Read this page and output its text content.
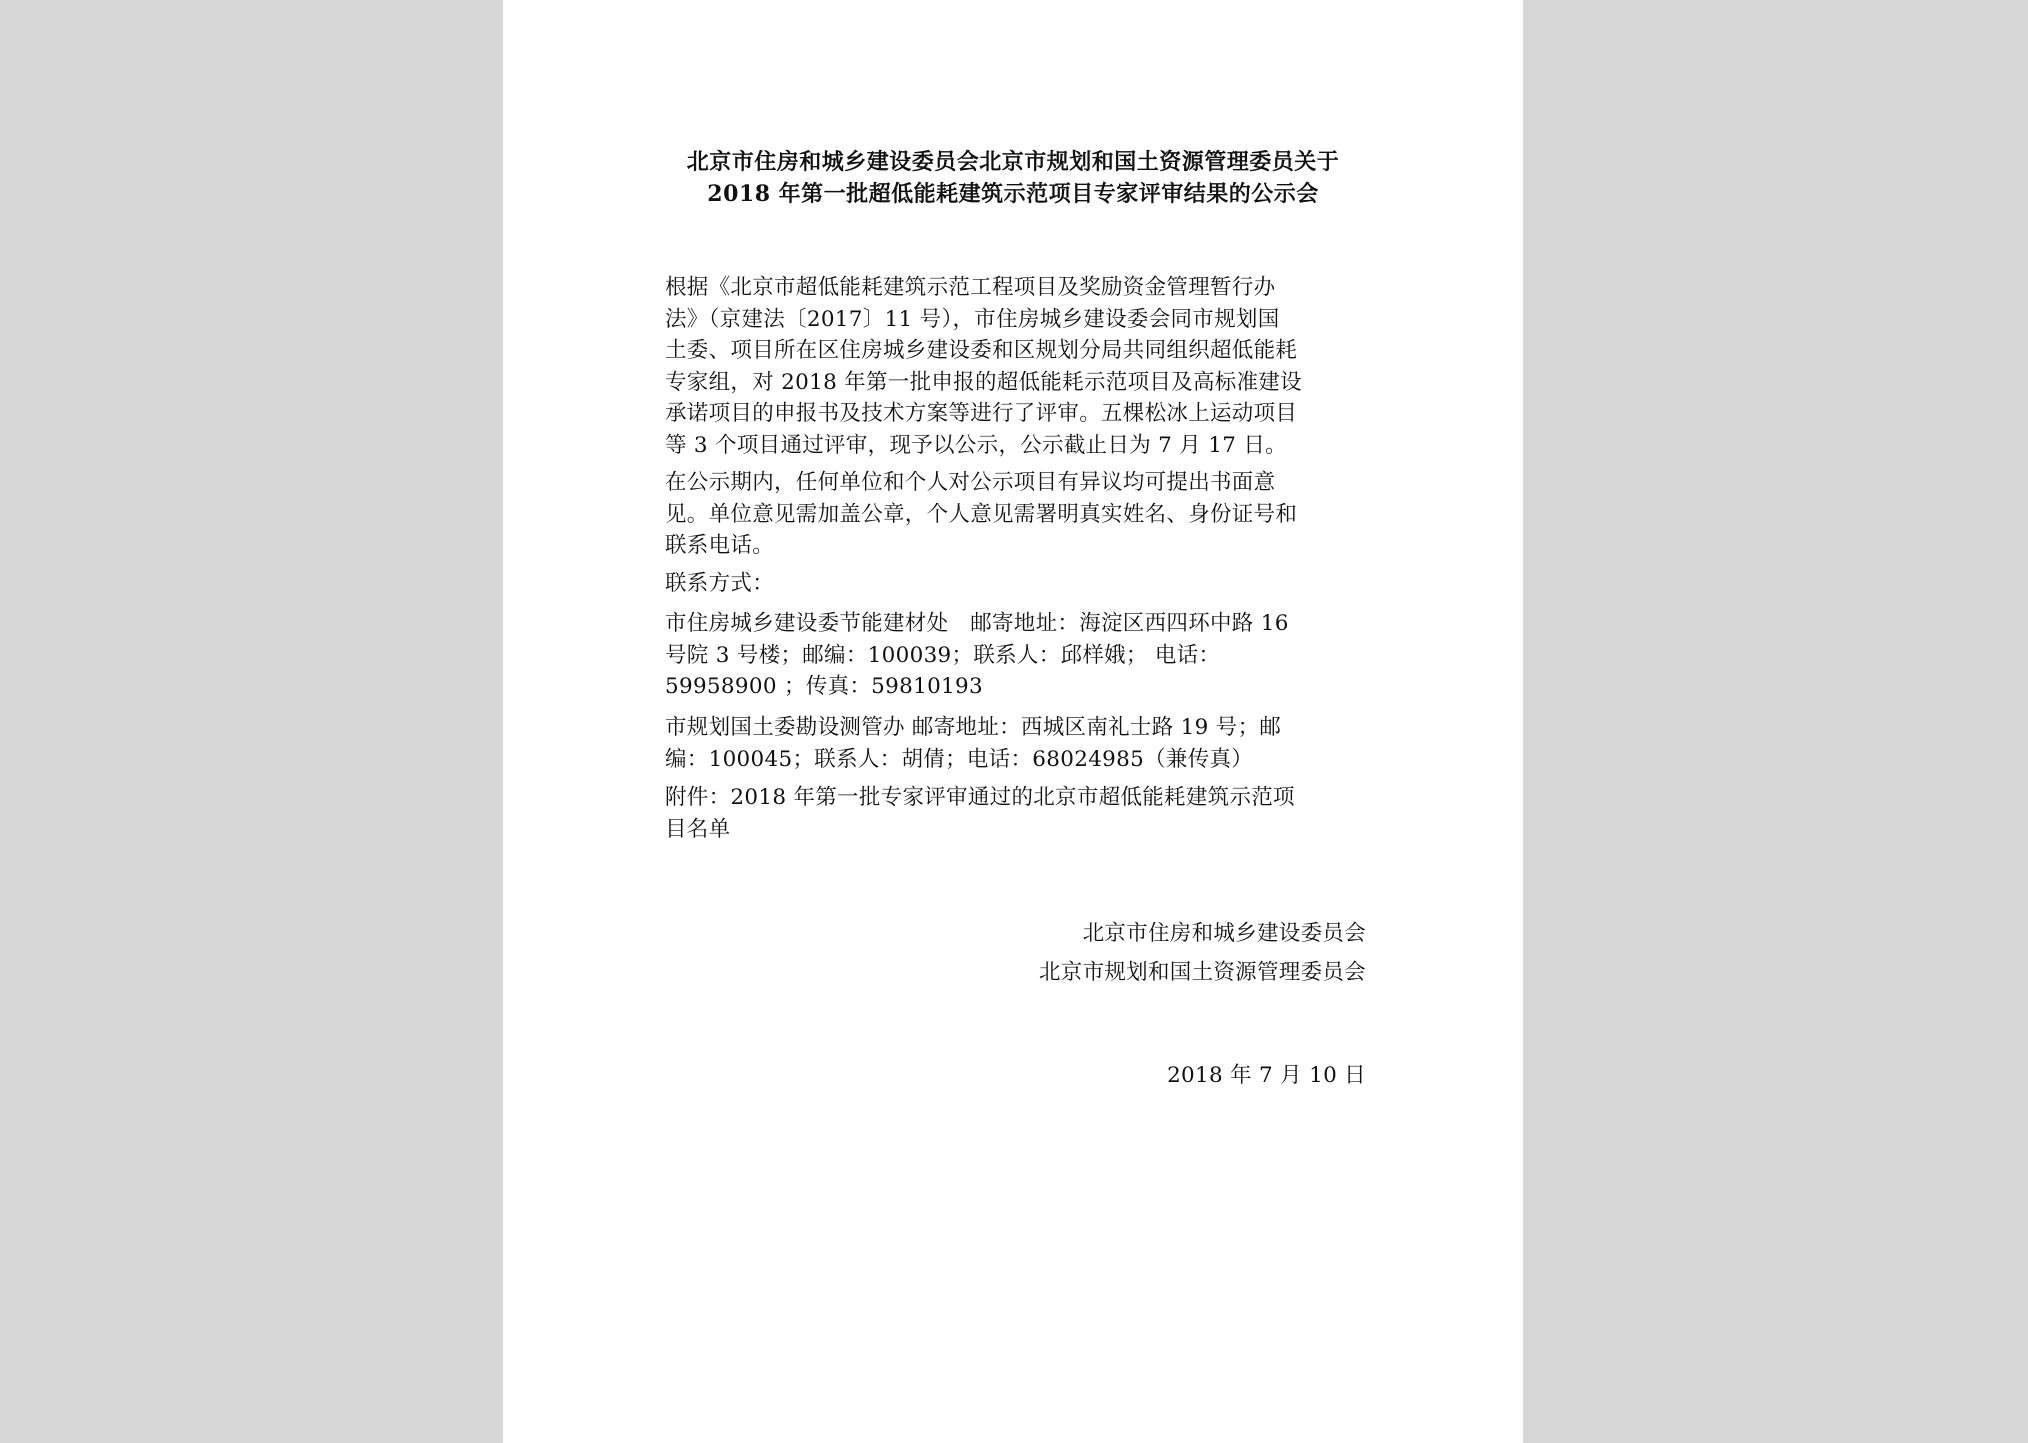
北京市住房和城乡建设委员会北京市规划和国土资源管理委员关于
2018 年第一批超低能耗建筑示范项目专家评审结果的公示会
根据《北京市超低能耗建筑示范工程项目及奖励资金管理暂行办
法》（京建法〔2017〕11 号），市住房城乡建设委会同市规划国
土委、项目所在区住房城乡建设委和区规划分局共同组织超低能耗
专家组，对 2018 年第一批申报的超低能耗示范项目及高标准建设
承诺项目的申报书及技术方案等进行了评审。五棵松冰上运动项目
等 3 个项目通过评审，现予以公示，公示截止日为 7 月 17 日。
在公示期内，任何单位和个人对公示项目有异议均可提出书面意
见。单位意见需加盖公章，个人意见需署明真实姓名、身份证号和
联系电话。
联系方式：
市住房城乡建设委节能建材处　邮寄地址：海淀区西四环中路 16
号院 3 号楼；邮编：100039；联系人：邱样娥； 电话：
59958900 ；传真：59810193
市规划国土委勘设测管办 邮寄地址：西城区南礼士路 19 号；邮
编：100045；联系人：胡倩；电话：68024985（兼传真）
附件：2018 年第一批专家评审通过的北京市超低能耗建筑示范项
目名单
北京市住房和城乡建设委员会
北京市规划和国土资源管理委员会
2018 年 7 月 10 日
